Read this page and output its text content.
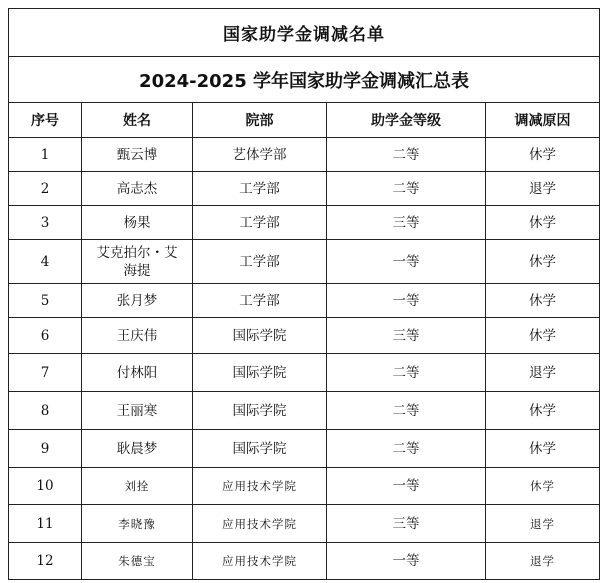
国家助学金调减名单				
2024-2025 学年国家助学金调减汇总表				
序号	姓名	院部	助学金等级	调减原因
1	甄云博	艺体学部	二等	休学
2	高志杰	工学部	二等	退学
3	杨果	工学部	三等	休学
4	艾克拍尔・艾海提	工学部	一等	休学
5	张月梦	工学部	一等	休学
6	王庆伟	国际学院	三等	休学
7	付林阳	国际学院	二等	退学
8	王丽寒	国际学院	二等	休学
9	耿晨梦	国际学院	二等	休学
10	刘拴	应用技术学院	一等	休学
11	李晓豫	应用技术学院	三等	退学
12	朱德宝	应用技术学院	一等	退学
